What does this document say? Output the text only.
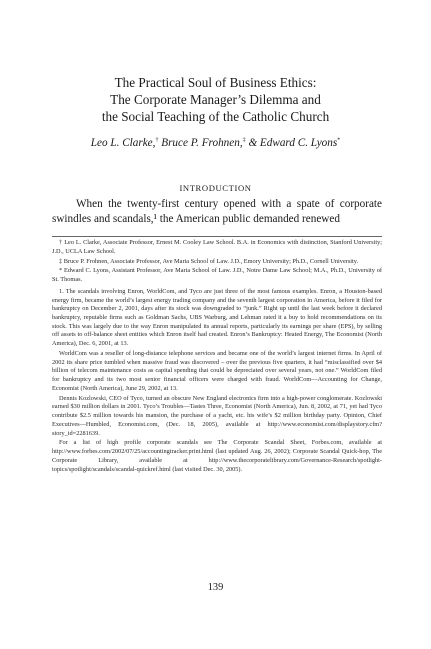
The Practical Soul of Business Ethics:
The Corporate Manager’s Dilemma and
the Social Teaching of the Catholic Church
Leo L. Clarke,† Bruce P. Frohnen,‡ & Edward C. Lyons*
INTRODUCTION

When the twenty-first century opened with a spate of corporate swindles and scandals,¹ the American public demanded renewed

† Leo L. Clarke, Associate Professor, Ernest M. Cooley Law School. B.A. in Economics with distinction, Stanford University; J.D., UCLA Law School.

‡ Bruce P. Frohnen, Associate Professor, Ave Maria School of Law. J.D., Emory University; Ph.D., Cornell University.

* Edward C. Lyons, Assistant Professor, Ave Maria School of Law. J.D., Notre Dame Law School; M.A., Ph.D., University of St. Thomas.

1. The scandals involving Enron, WorldCom, and Tyco are just three of the most famous examples. Enron, a Houston-based energy firm, became the world’s largest energy trading company and the seventh largest corporation in America, before it filed for bankruptcy on December 2, 2001, days after its stock was downgraded to “junk.” Right up until the last week before it declared bankruptcy, reputable firms such as Goldman Sachs, UBS Warburg, and Lehman rated it a buy to hold recommendations on its stock. This was largely due to the way Enron manipulated its annual reports, particularly its earnings per share (EPS), by selling off assets to off-balance sheet entities which Enron itself had created. Enron’s Bankruptcy: Heated Energy, The Economist (North America), Dec. 6, 2001, at 13.

WorldCom was a reseller of long-distance telephone services and became one of the world’s largest internet firms. In April of 2002 its share price tumbled when massive fraud was discovered – over the previous five quarters, it had “misclassified over $4 billion of telecom maintenance costs as capital spending that could be depreciated over several years, not one.” WorldCom filed for bankruptcy and its two most senior financial officers were charged with fraud. WorldCom—Accounting for Change, Economist (North America), June 29, 2002, at 13.

Dennis Kozlowski, CEO of Tyco, turned an obscure New England electronics firm into a high-power conglomerate. Kozlowski earned $30 million dollars in 2001. Tyco’s Troubles—Tastes Three, Economist (North America), Jun. 8, 2002, at 71, yet had Tyco contribute $2.5 million towards his mansion, the purchase of a yacht, etc. his wife’s $2 million birthday party. Opinion, Chief Executives—Humbled, Economist.com, (Dec. 18, 2005), available at http://www.economist.com/displaystory.cfm?story_id=2281639.

For a list of high profile corporate scandals see The Corporate Scandal Sheet, Forbes.com, available at http://www.forbes.com/2002/07/25/accountingtracker.print.html (last updated Aug. 26, 2002); Corporate Scandal Quick-hop, The Corporate Library, available at http://www.thecorporatelibrary.com/Governance-Research/spotlight-topics/spotlight/scandals/scandal-quickref.html (last visited Dec. 30, 2005).

139
